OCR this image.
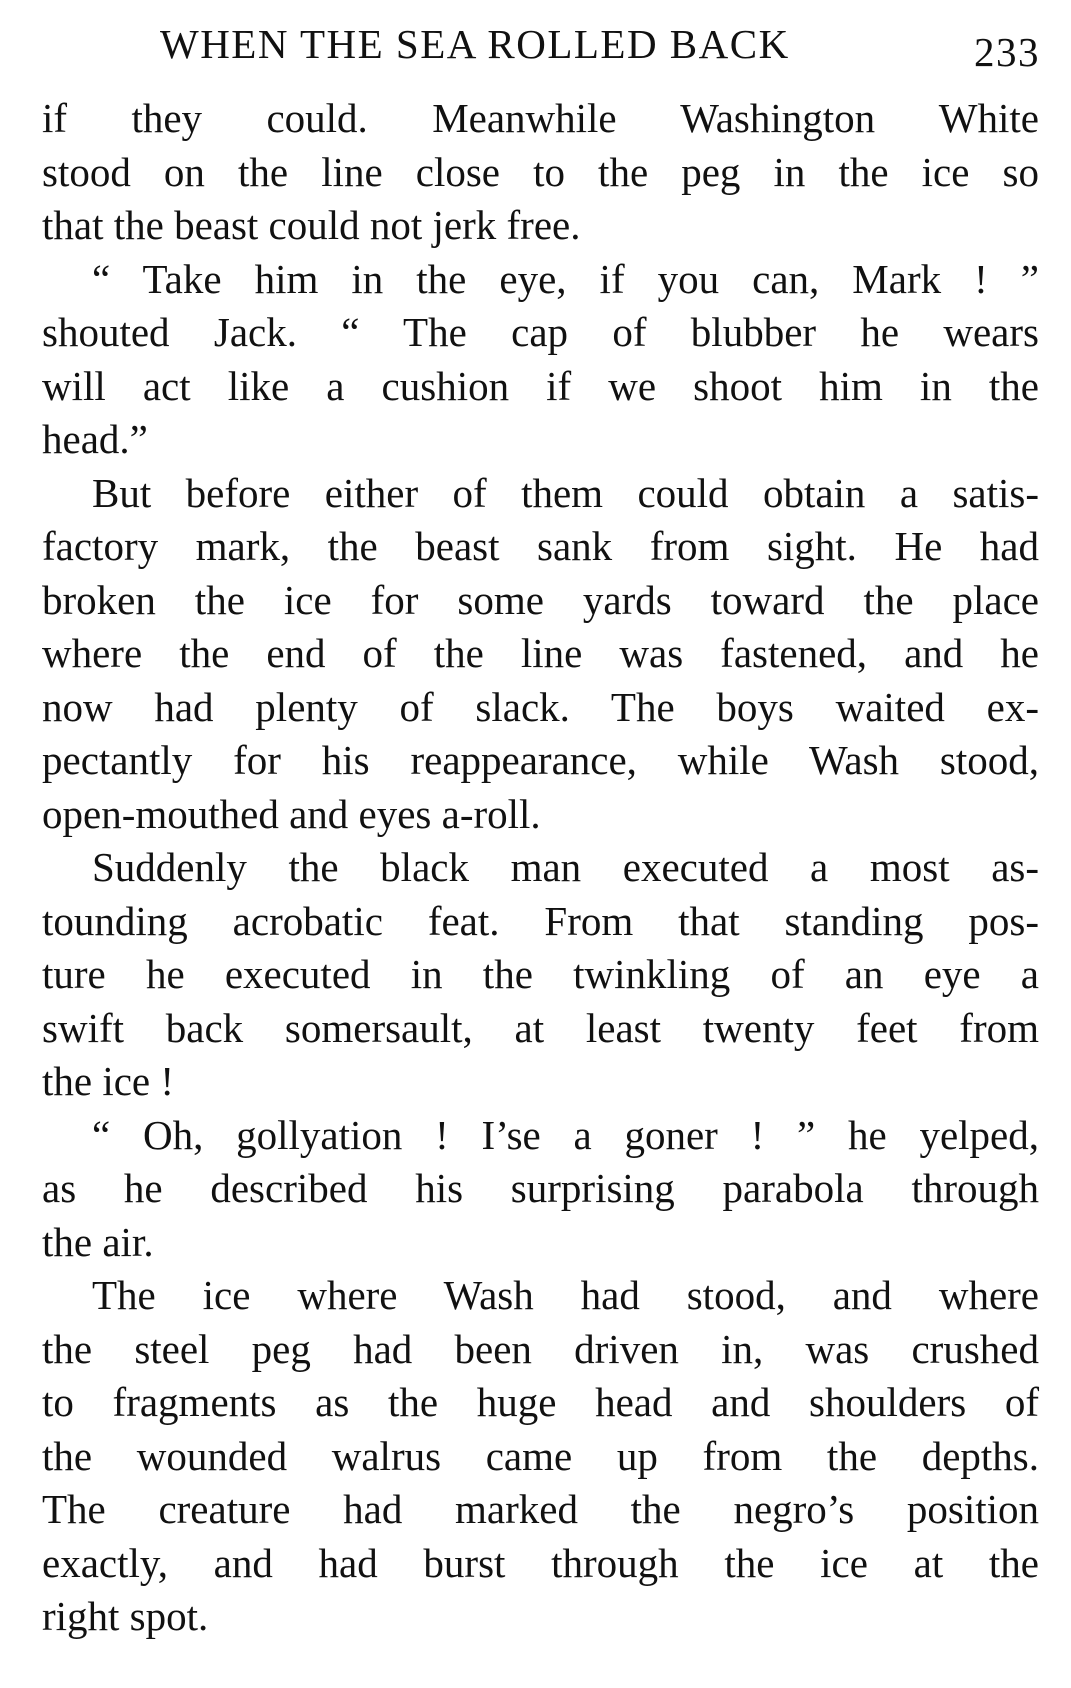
WHEN THE SEA ROLLED BACK	233
if they could. Meanwhile Washington White
stood on the line close to the peg in the ice so
that the beast could not jerk free.
“ Take him in the eye, if you can, Mark ! ”
shouted Jack. “ The cap of blubber he wears
will act like a cushion if we shoot him in the
head.”
But before either of them could obtain a satis-
factory mark, the beast sank from sight. He had
broken the ice for some yards toward the place
where the end of the line was fastened, and he
now had plenty of slack. The boys waited ex-
pectantly for his reappearance, while Wash stood,
open-mouthed and eyes a-roll.
Suddenly the black man executed a most as-
tounding acrobatic feat. From that standing pos-
ture he executed in the twinkling of an eye a
swift back somersault, at least twenty feet from
the ice !
“ Oh, gollyation ! I’se a goner ! ” he yelped,
as he described his surprising parabola through
the air.
The ice where Wash had stood, and where
the steel peg had been driven in, was crushed
to fragments as the huge head and shoulders of
the wounded walrus came up from the depths.
The creature had marked the negro’s position
exactly, and had burst through the ice at the
right spot.
